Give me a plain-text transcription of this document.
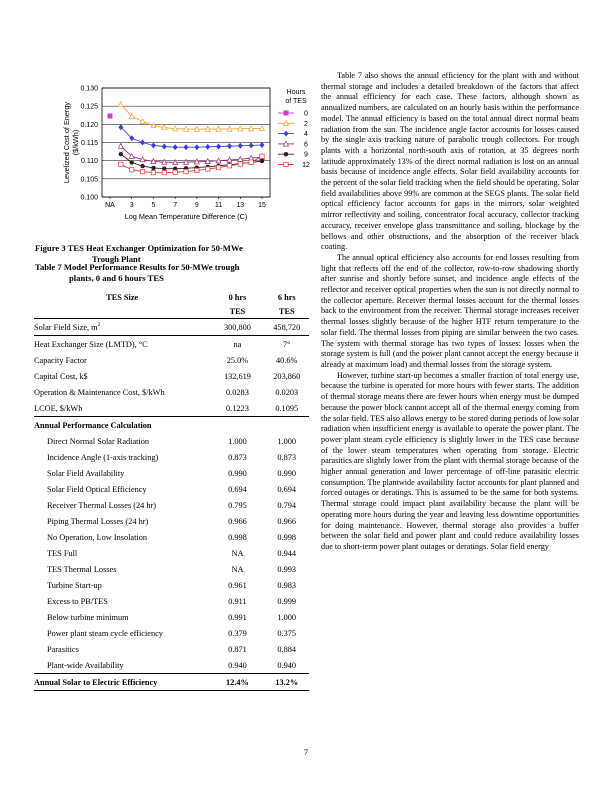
0.100
0.105
0.110
0.115
0.120
0.125
0.130
NA 3	5	7	9 11 13 15
Log Mean Temperature Difference (C)
Levelized Cost of Energy ($/kWh)
Hours
of TES
0
2
4
6
9
12
Figure 3 TES Heat Exchanger Optimization for 50-MWe
Trough Plant
Table 7 Model Performance Results for 50-MWe trough
plants, 0 and 6 hours TES
TES Size	0 hrs	6 hrs
	TES	TES
Solar Field Size, $m^2$	300,800	458,720
Heat Exchanger Size (LMTD), °C	na	7°
Capacity Factor	25.0%	40.6%
Capital Cost, k$	132,619	203,860
Operation & Maintenance Cost, $/kWh	0.0283	0.0203
LCOE, $/kWh	0.1223	0.1095
Annual Performance Calculation		
Direct Normal Solar Radiation	1.000	1.000
Incidence Angle (1-axis tracking)	0.873	0.873
Solar Field Availability	0.990	0.990
Solar Field Optical Efficiency	0.694	0.694
Receiver Thermal Losses (24 hr)	0.795	0.794
Piping Thermal Losses (24 hr)	0.966	0.966
No Operation, Low Insolation	0.998	0.998
TES Full	NA	0.944
TES Thermal Losses	NA	0.993
Turbine Start-up	0.961	0.983
Excess to PB/TES	0.911	0.999
Below turbine minimum	0.991	1.000
Power plant steam cycle efficiency	0.379	0.375
Parasitics	0.871	0.884
Plant-wide Availability	0.940	0.940
Annual Solar to Electric Efficiency	12.4%	13.2%

Table 7 also shows the annual efficiency for the plant with and without thermal storage and includes a detailed breakdown of the factors that affect the annual efficiency for each case. These factors, although shown as annualized numbers, are calculated on an hourly basis within the performance model. The annual efficiency is based on the total annual direct normal beam radiation from the sun. The incidence angle factor accounts for losses caused by the single axis tracking nature of parabolic trough collectors. For trough plants with a horizontal north-south axis of rotation, at 35 degrees north latitude approximately 13% of the direct normal radiation is lost on an annual basis because of incidence angle effects. Solar field availability accounts for the percent of the solar field tracking when the field should be operating. Solar field availabilities above 99% are common at the SEGS plants. The solar field optical efficiency factor accounts for gaps in the mirrors, solar weighted mirror reflectivity and soiling, concentrator focal accuracy, collector tracking accuracy, receiver envelope glass transmittance and soiling, blockage by the bellows and other obstructions, and the absorption of the receiver black coating.

The annual optical efficiency also accounts for end losses resulting from light that reflects off the end of the collector, row-to-row shadowing shortly after sunrise and shortly before sunset, and incidence angle effects of the reflector and receiver optical properties when the sun is not directly normal to the collector aperture. Receiver thermal losses account for the thermal losses back to the environment from the receiver. Thermal storage increases receiver thermal losses slightly because of the higher HTF return temperature to the solar field. The thermal losses from piping are similar between the two cases. The system with thermal storage has two types of losses: losses when the storage system is full (and the power plant cannot accept the energy because it already at maximum load) and thermal losses from the storage system.

However, turbine start-up becomes a smaller fraction of total energy use, because the turbine is operated for more hours with fewer starts. The addition of thermal storage means there are fewer hours when energy must be dumped because the power block cannot accept all of the thermal energy coming from the solar field. TES also allows energy to be stored during periods of low solar radiation when insufficient energy is available to operate the power plant. The power plant steam cycle efficiency is slightly lower in the TES case because of the lower steam temperatures when operating from storage. Electric parasitics are slightly lower from the plant with thermal storage because of the higher annual generation and lower percentage of off-line parasitic electric consumption. The plantwide availability factor accounts for plant planned and forced outages or deratings. This is assumed to be the same for both systems. Thermal storage could impact plant availability because the plant will be operating more hours during the year and leaving less downtime opportunities for doing maintenance. However, thermal storage also provides a buffer between the solar field and power plant and could reduce availability losses due to short-term power plant outages or deratings. Solar field energy

7
